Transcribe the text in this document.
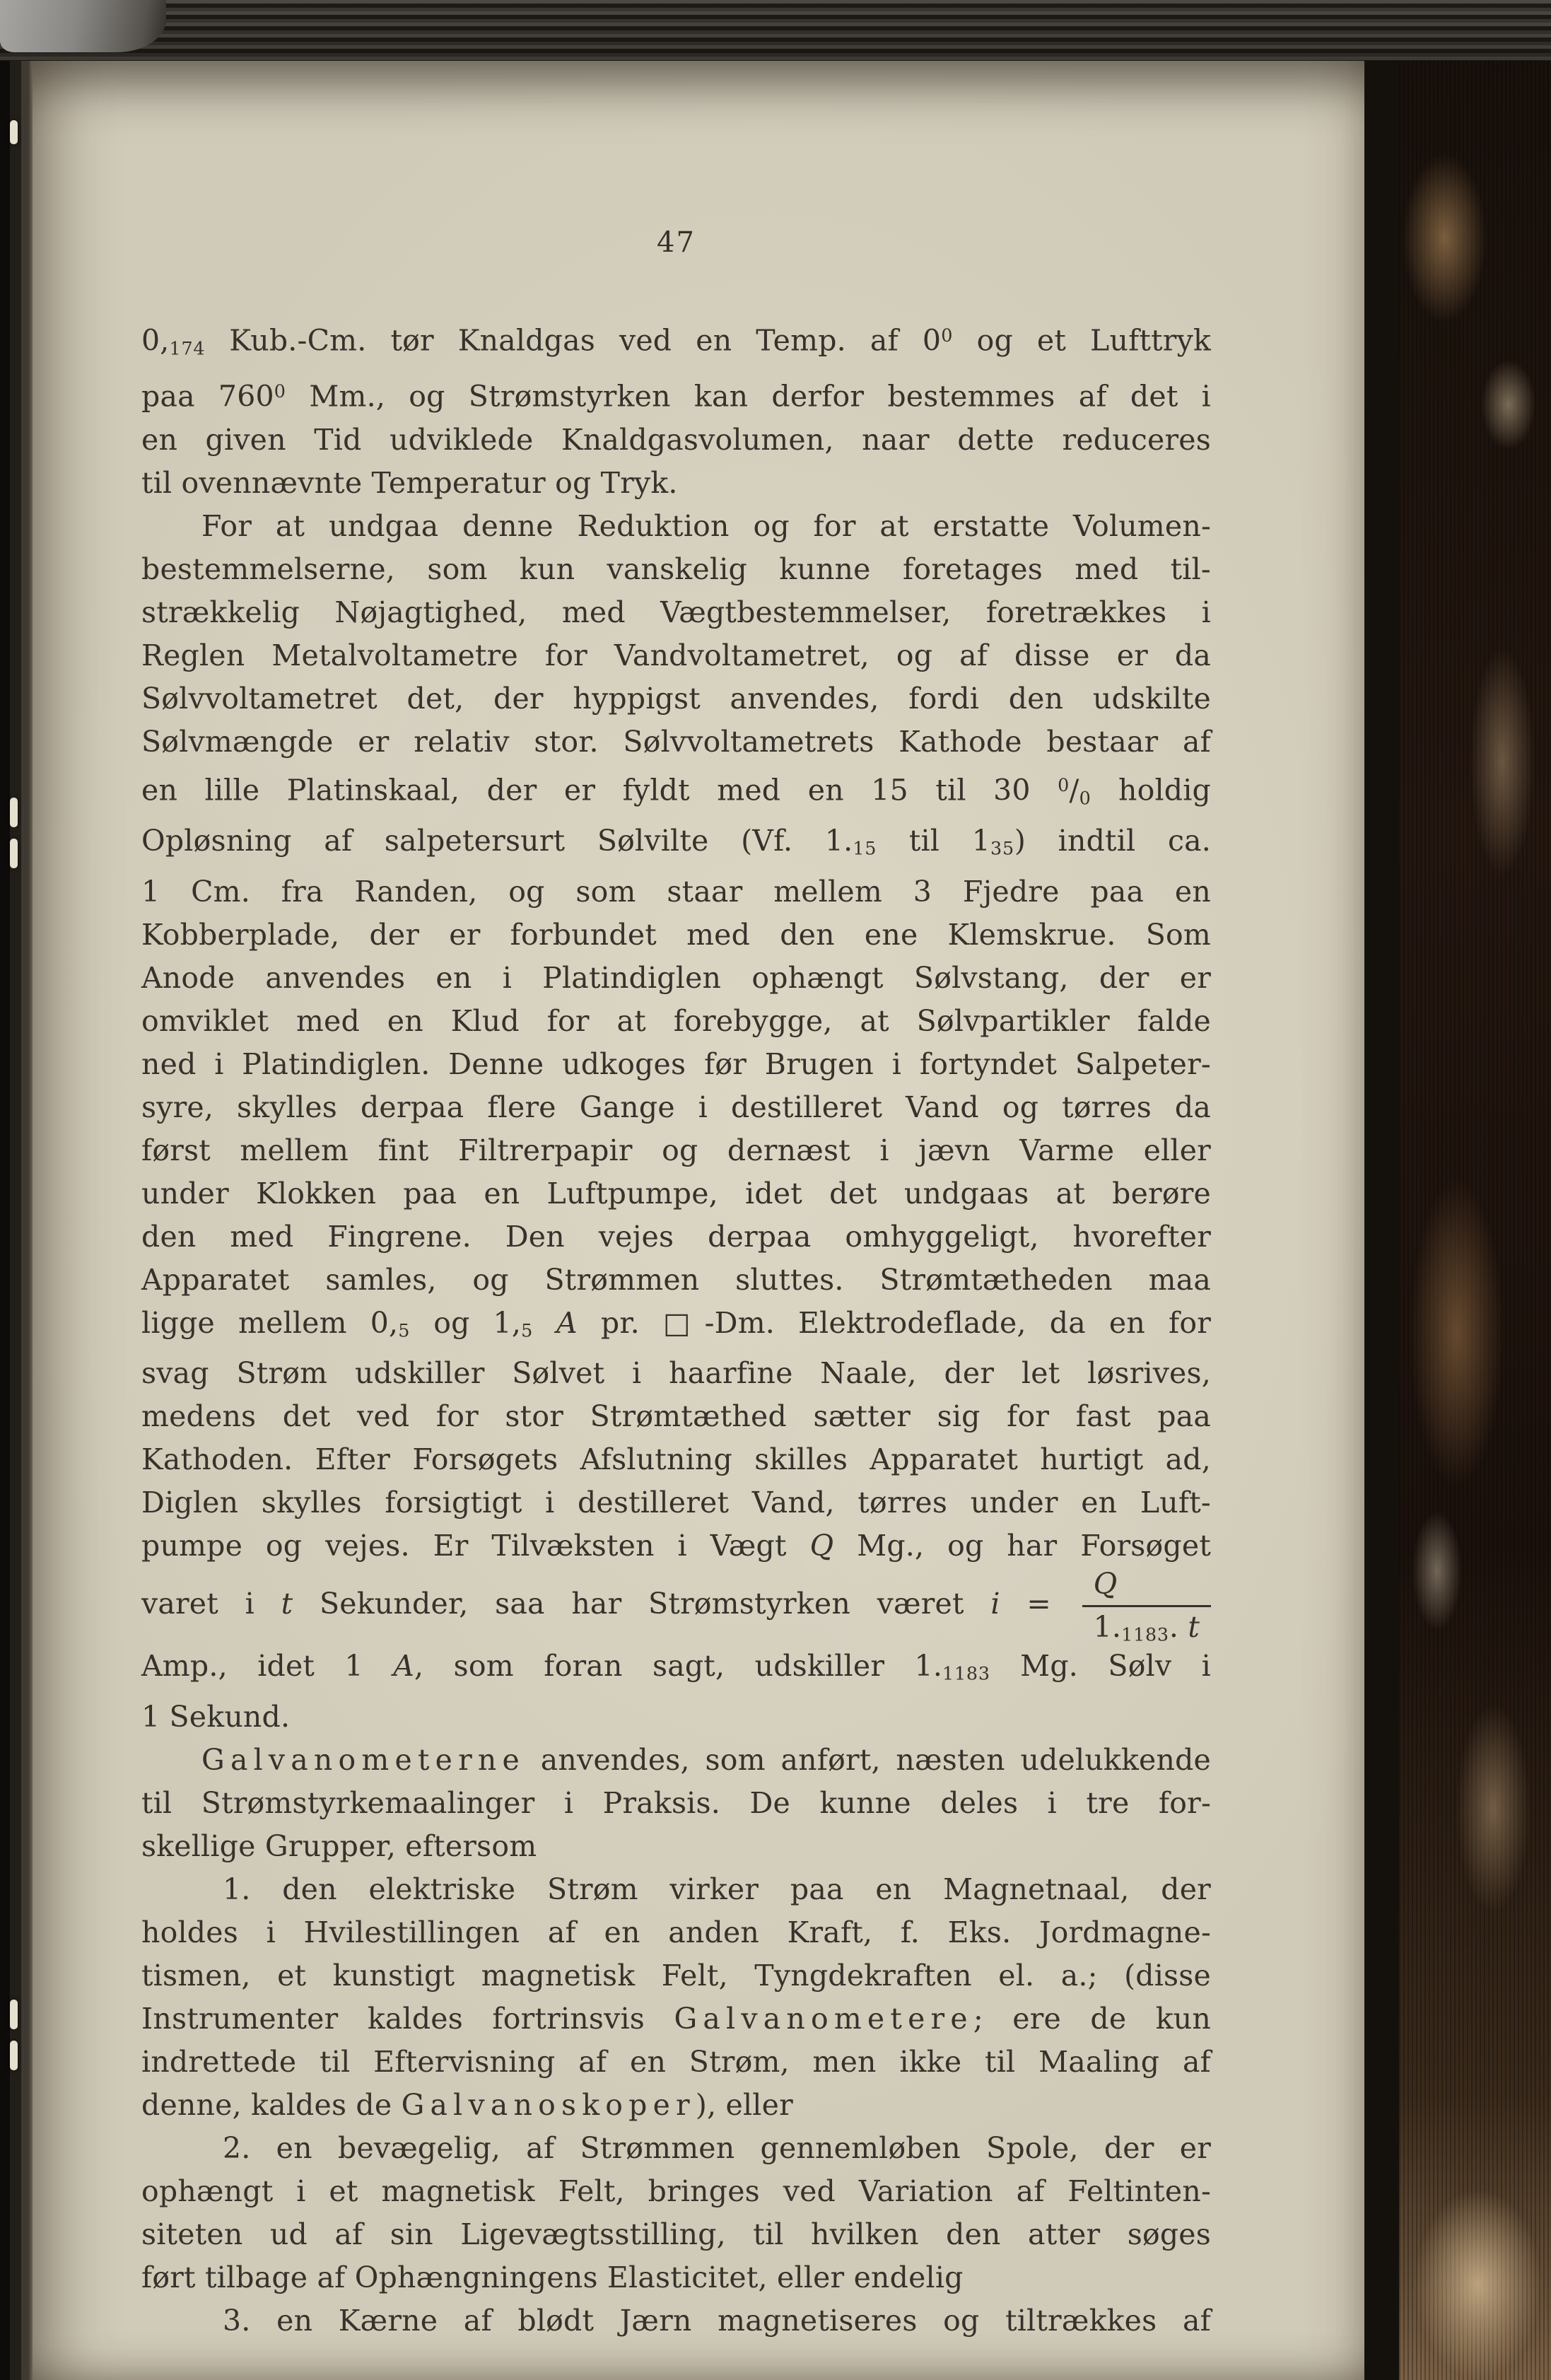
47
$0,_{174}$ Kub.-Cm. tør Knaldgas ved en Temp. af $0^0$ og et Lufttryk
paa $760^0$ Mm., og Strømstyrken kan derfor bestemmes af det i
en given Tid udviklede Knaldgasvolumen, naar dette reduceres
til ovennævnte Temperatur og Tryk.
For at undgaa denne Reduktion og for at erstatte Volumen-
bestemmelserne, som kun vanskelig kunne foretages med til-
strækkelig Nøjagtighed, med Vægtbestemmelser, foretrækkes i
Reglen Metalvoltametre for Vandvoltametret, og af disse er da
Sølvvoltametret det, der hyppigst anvendes, fordi den udskilte
Sølvmængde er relativ stor. Sølvvoltametrets Kathode bestaar af
en lille Platinskaal, der er fyldt med en 15 til 30 $^0/_0$ holdig
Opløsning af salpetersurt Sølvilte (Vf. $1._{15}$ til $1_{35}$) indtil ca.
1 Cm. fra Randen, og som staar mellem 3 Fjedre paa en
Kobberplade, der er forbundet med den ene Klemskrue. Som
Anode anvendes en i Platindiglen ophængt Sølvstang, der er
omviklet med en Klud for at forebygge, at Sølvpartikler falde
ned i Platindiglen. Denne udkoges før Brugen i fortyndet Salpeter-
syre, skylles derpaa flere Gange i destilleret Vand og tørres da
først mellem fint Filtrerpapir og dernæst i jævn Varme eller
under Klokken paa en Luftpumpe, idet det undgaas at berøre
den med Fingrene. Den vejes derpaa omhyggeligt, hvorefter
Apparatet samles, og Strømmen sluttes. Strømtætheden maa
ligge mellem $0,_5$ og $1,_5$ A pr. □-Dm. Elektrodeflade, da en for
svag Strøm udskiller Sølvet i haarfine Naale, der let løsrives,
medens det ved for stor Strømtæthed sætter sig for fast paa
Kathoden. Efter Forsøgets Afslutning skilles Apparatet hurtigt ad,
Diglen skylles forsigtigt i destilleret Vand, tørres under en Luft-
pumpe og vejes. Er Tilvæksten i Vægt Q Mg., og har Forsøget
varet i t Sekunder, saa har Strømstyrken været $i = \frac{Q}{1._{1183}. t}$
Amp., idet 1 A, som foran sagt, udskiller $1._{1183}$ Mg. Sølv i
1 Sekund.
Galvanometerne anvendes, som anført, næsten udelukkende
til Strømstyrkemaalinger i Praksis. De kunne deles i tre for-
skellige Grupper, eftersom
1. den elektriske Strøm virker paa en Magnetnaal, der
holdes i Hvilestillingen af en anden Kraft, f. Eks. Jordmagne-
tismen, et kunstigt magnetisk Felt, Tyngdekraften el. a.; (disse
Instrumenter kaldes fortrinsvis Galvanometere; ere de kun
indrettede til Eftervisning af en Strøm, men ikke til Maaling af
denne, kaldes de Galvanoskoper), eller
2. en bevægelig, af Strømmen gennemløben Spole, der er
ophængt i et magnetisk Felt, bringes ved Variation af Feltinten-
siteten ud af sin Ligevægtsstilling, til hvilken den atter søges
ført tilbage af Ophængningens Elasticitet, eller endelig
3. en Kærne af blødt Jærn magnetiseres og tiltrækkes af
